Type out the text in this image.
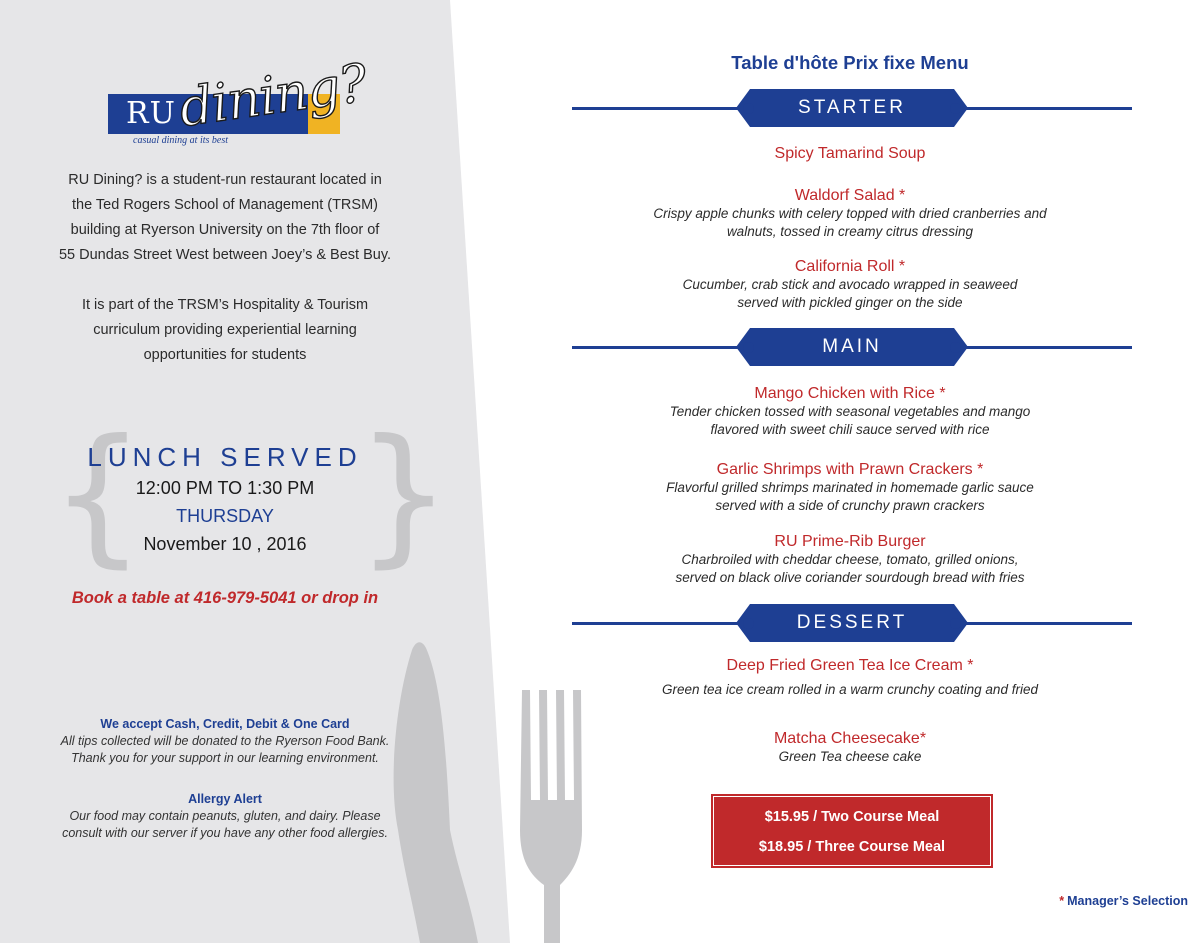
RU dining?
casual dining at its best
RU Dining? is a student-run restaurant located in
the Ted Rogers School of Management (TRSM)
building at Ryerson University on the 7th floor of
55 Dundas Street West between Joey’s & Best Buy.
It is part of the TRSM’s Hospitality & Tourism
curriculum providing experiential learning
opportunities for students
{ }
LUNCH SERVED
12:00 PM TO 1:30 PM
THURSDAY
November 10 , 2016
Book a table at 416-979-5041 or drop in
We accept Cash, Credit, Debit & One Card
All tips collected will be donated to the Ryerson Food Bank.
Thank you for your support in our learning environment.
Allergy Alert
Our food may contain peanuts, gluten, and dairy. Please
consult with our server if you have any other food allergies.
Table d'hôte Prix fixe Menu
STARTER
Spicy Tamarind Soup
Waldorf Salad *
Crispy apple chunks with celery topped with dried cranberries and
walnuts, tossed in creamy citrus dressing
California Roll *
Cucumber, crab stick and avocado wrapped in seaweed
served with pickled ginger on the side
MAIN
Mango Chicken with Rice *
Tender chicken tossed with seasonal vegetables and mango
flavored with sweet chili sauce served with rice
Garlic Shrimps with Prawn Crackers *
Flavorful grilled shrimps marinated in homemade garlic sauce
served with a side of crunchy prawn crackers
RU Prime-Rib Burger
Charbroiled with cheddar cheese, tomato, grilled onions,
served on black olive coriander sourdough bread with fries
DESSERT
Deep Fried Green Tea Ice Cream *
Green tea ice cream rolled in a warm crunchy coating and fried
Matcha Cheesecake*
Green Tea cheese cake
$15.95 / Two Course Meal
$18.95 / Three Course Meal
* Manager’s Selection
